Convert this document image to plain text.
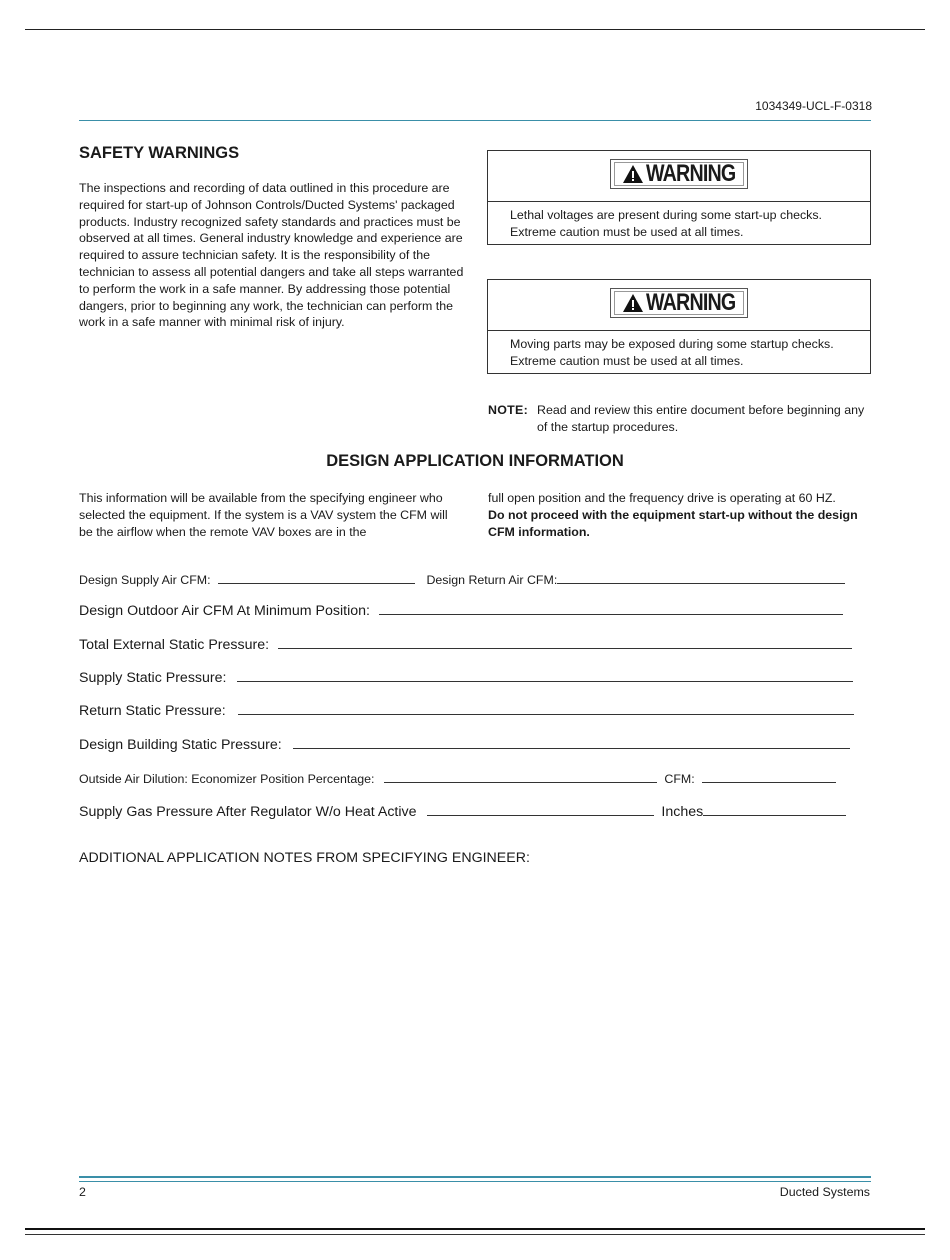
1034349-UCL-F-0318
SAFETY WARNINGS
The inspections and recording of data outlined in this procedure are required for start-up of Johnson Controls/Ducted Systems' packaged products. Industry recognized safety standards and practices must be observed at all times. General industry knowledge and experience are required to assure technician safety. It is the responsibility of the technician to assess all potential dangers and take all steps warranted to perform the work in a safe manner. By addressing those potential dangers, prior to beginning any work, the technician can perform the work in a safe manner with minimal risk of injury.
WARNING
Lethal voltages are present during some start-up checks. Extreme caution must be used at all times.
WARNING
Moving parts may be exposed during some startup checks. Extreme caution must be used at all times.
NOTE: Read and review this entire document before beginning any of the startup procedures.
DESIGN APPLICATION INFORMATION
This information will be available from the specifying engineer who selected the equipment. If the system is a VAV system the CFM will be the airflow when the remote VAV boxes are in the
full open position and the frequency drive is operating at 60 HZ.
Do not proceed with the equipment start-up without the design CFM information.
Design Supply Air CFM:	Design Return Air CFM:
Design Outdoor Air CFM At Minimum Position:
Total External Static Pressure:
Supply Static Pressure:
Return Static Pressure:
Design Building Static Pressure:
Outside Air Dilution: Economizer Position Percentage:	CFM:
Supply Gas Pressure After Regulator W/o Heat Active	Inches
ADDITIONAL APPLICATION NOTES FROM SPECIFYING ENGINEER:
2	Ducted Systems
